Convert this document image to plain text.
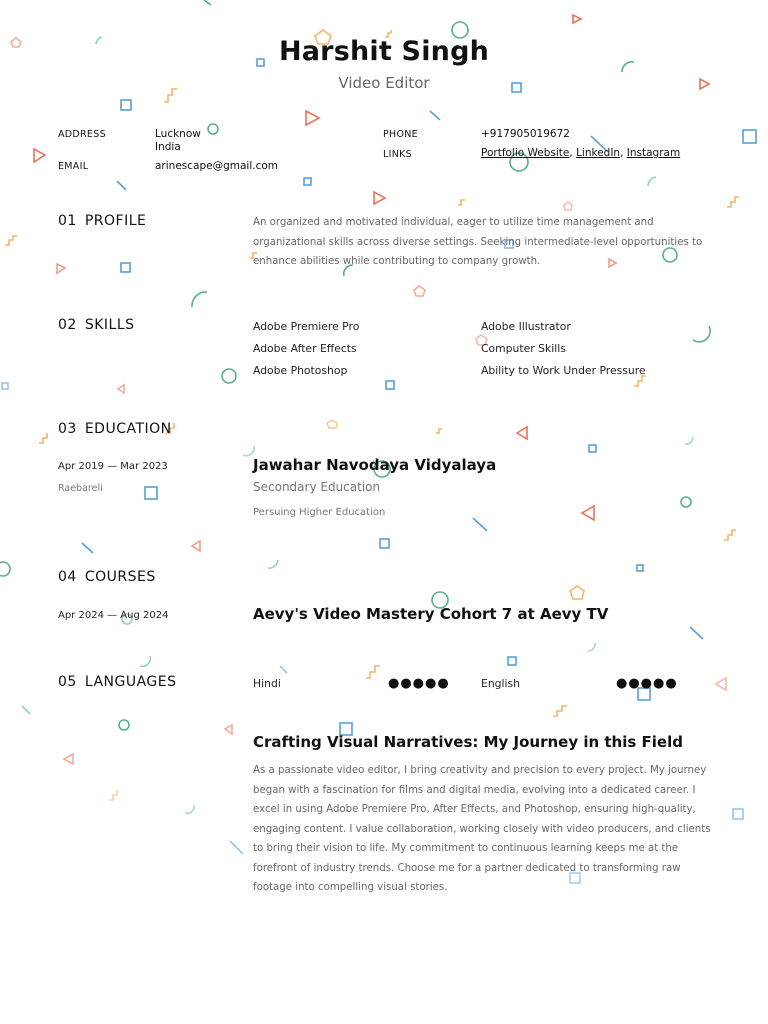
Harshit Singh
Video Editor
ADDRESS	Lucknow
India
EMAIL	arinescape@gmail.com
PHONE	+917905019672
LINKS	Portfolio Website, LinkedIn, Instagram
01 PROFILE	An organized and motivated individual, eager to utilize time management and organizational skills across diverse settings. Seeking intermediate-level opportunities to enhance abilities while contributing to company growth.
02 SKILLS	Adobe Premiere Pro	Adobe Illustrator
Adobe After Effects	Computer Skills
Adobe Photoshop	Ability to Work Under Pressure
03 EDUCATION
Apr 2019 — Mar 2023
Raebareli
Jawahar Navodaya Vidyalaya
Secondary Education
Persuing Higher Education
04 COURSES
Apr 2024 — Aug 2024	Aevy's Video Mastery Cohort 7 at Aevy TV
05 LANGUAGES	Hindi	●●●●●	English	●●●●●
Crafting Visual Narratives: My Journey in this Field
As a passionate video editor, I bring creativity and precision to every project. My journey began with a fascination for films and digital media, evolving into a dedicated career. I excel in using Adobe Premiere Pro, After Effects, and Photoshop, ensuring high-quality, engaging content. I value collaboration, working closely with video producers, and clients to bring their vision to life. My commitment to continuous learning keeps me at the forefront of industry trends. Choose me for a partner dedicated to transforming raw footage into compelling visual stories.
